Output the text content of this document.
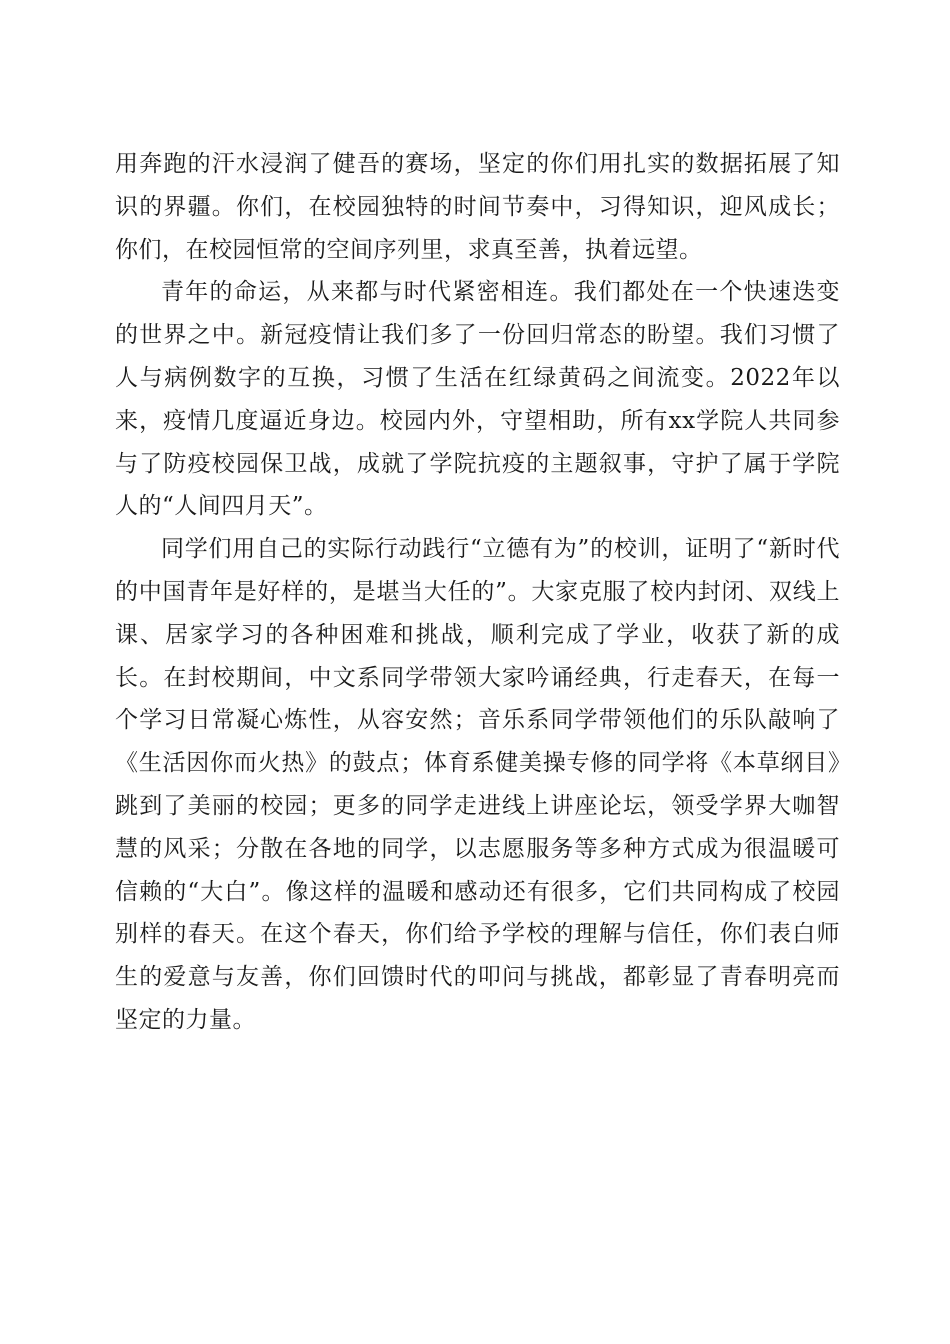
用奔跑的汗水浸润了健吾的赛场，坚定的你们用扎实的数据拓展了知识的界疆。你们，在校园独特的时间节奏中，习得知识，迎风成长；你们，在校园恒常的空间序列里，求真至善，执着远望。

青年的命运，从来都与时代紧密相连。我们都处在一个快速迭变的世界之中。新冠疫情让我们多了一份回归常态的盼望。我们习惯了人与病例数字的互换，习惯了生活在红绿黄码之间流变。2022年以来，疫情几度逼近身边。校园内外，守望相助，所有xx学院人共同参与了防疫校园保卫战，成就了学院抗疫的主题叙事，守护了属于学院人的“人间四月天”。

同学们用自己的实际行动践行“立德有为”的校训，证明了“新时代的中国青年是好样的，是堪当大任的”。大家克服了校内封闭、双线上课、居家学习的各种困难和挑战，顺利完成了学业，收获了新的成长。在封校期间，中文系同学带领大家吟诵经典，行走春天，在每一个学习日常凝心炼性，从容安然；音乐系同学带领他们的乐队敲响了《生活因你而火热》的鼓点；体育系健美操专修的同学将《本草纲目》跳到了美丽的校园；更多的同学走进线上讲座论坛，领受学界大咖智慧的风采；分散在各地的同学，以志愿服务等多种方式成为很温暖可信赖的“大白”。像这样的温暖和感动还有很多，它们共同构成了校园别样的春天。在这个春天，你们给予学校的理解与信任，你们表白师生的爱意与友善，你们回馈时代的叩问与挑战，都彰显了青春明亮而坚定的力量。
